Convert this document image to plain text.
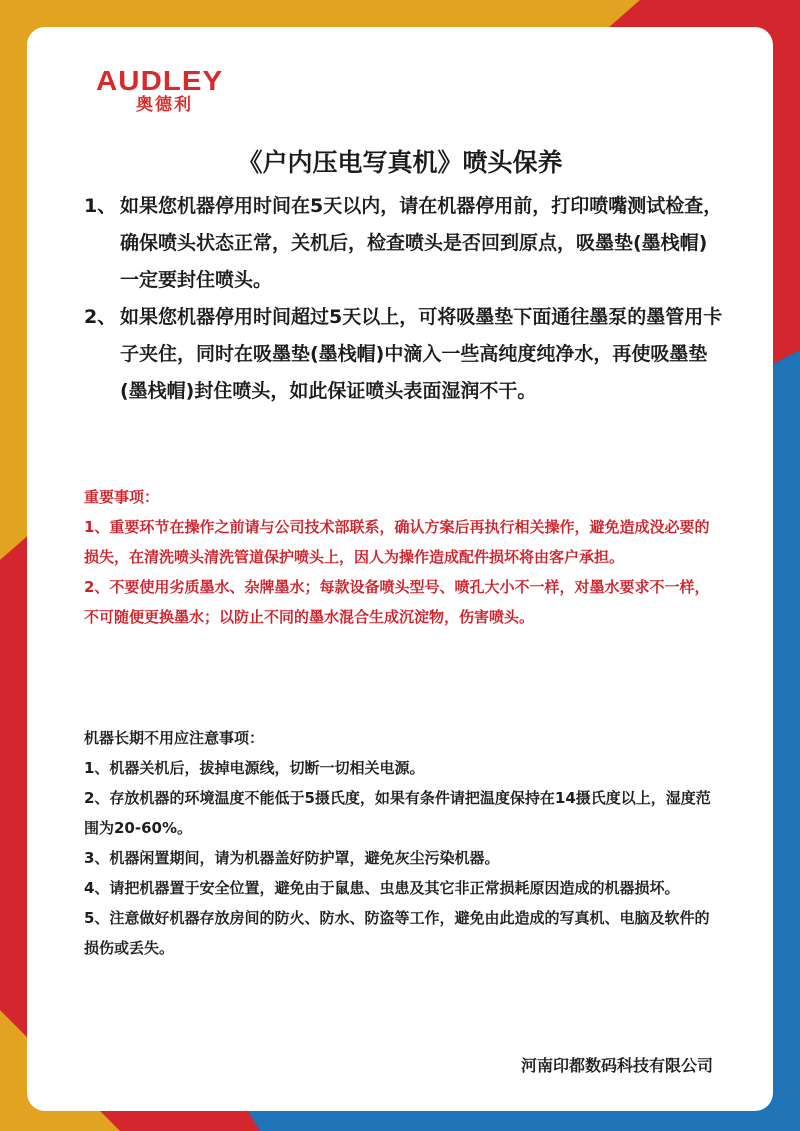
AUDLEY
奥德利
《户内压电写真机》喷头保养
1、 如果您机器停用时间在5天以内，请在机器停用前，打印喷嘴测试检查，确保喷头状态正常，关机后，检查喷头是否回到原点，吸墨垫(墨栈帽)一定要封住喷头。
2、 如果您机器停用时间超过5天以上，可将吸墨垫下面通往墨泵的墨管用卡子夹住，同时在吸墨垫(墨栈帽)中滴入一些高纯度纯净水，再使吸墨垫(墨栈帽)封住喷头，如此保证喷头表面湿润不干。
重要事项：
1、重要环节在操作之前请与公司技术部联系，确认方案后再执行相关操作，避免造成没必要的损失，在清洗喷头清洗管道保护喷头上，因人为操作造成配件损坏将由客户承担。
2、不要使用劣质墨水、杂牌墨水；每款设备喷头型号、喷孔大小不一样，对墨水要求不一样，不可随便更换墨水；以防止不同的墨水混合生成沉淀物，伤害喷头。
机器长期不用应注意事项：
1、机器关机后，拔掉电源线，切断一切相关电源。
2、存放机器的环境温度不能低于5摄氏度，如果有条件请把温度保持在14摄氏度以上，湿度范围为20-60%。
3、机器闲置期间，请为机器盖好防护罩，避免灰尘污染机器。
4、请把机器置于安全位置，避免由于鼠患、虫患及其它非正常损耗原因造成的机器损坏。
5、注意做好机器存放房间的防火、防水、防盗等工作，避免由此造成的写真机、电脑及软件的损伤或丢失。
河南印都数码科技有限公司
